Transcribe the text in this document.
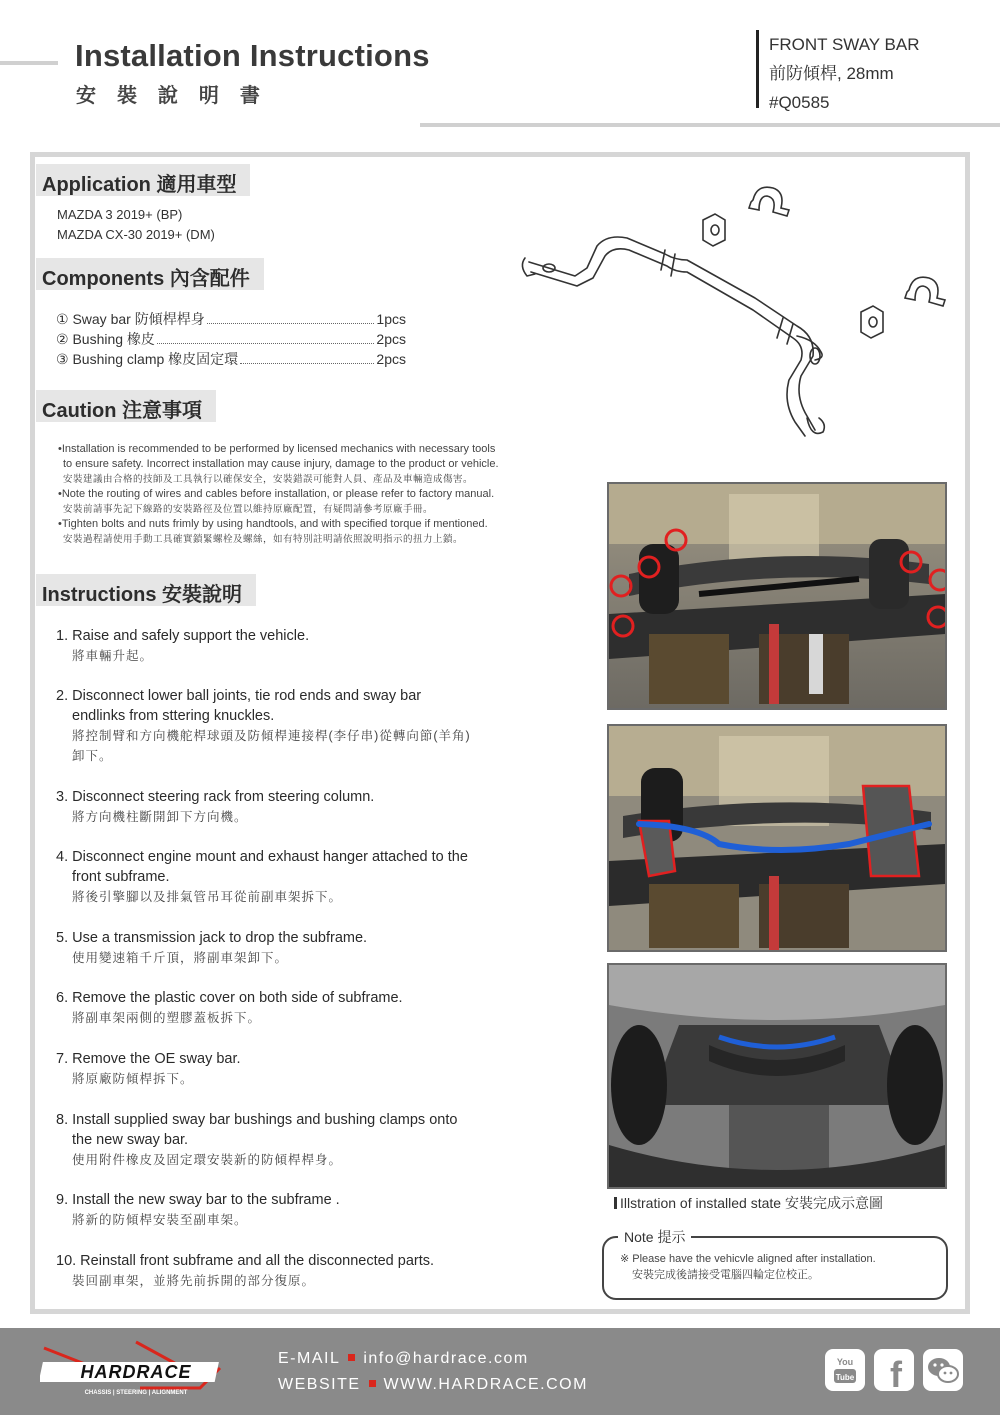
Installation Instructions
安 裝 說 明 書
FRONT SWAY BAR
前防傾桿, 28mm
#Q0585
Application 適用車型
MAZDA 3 2019+ (BP)
MAZDA CX-30 2019+ (DM)
Components 內含配件
① Sway bar 防傾桿桿身	1pcs
② Bushing 橡皮	2pcs
③ Bushing clamp 橡皮固定環	2pcs
Caution 注意事項

•Installation is recommended to be performed by licensed mechanics with necessary tools

to ensure safety. Incorrect installation may cause injury, damage to the product or vehicle.

安裝建議由合格的技師及工具執行以確保安全，安裝錯誤可能對人員、產品及車輛造成傷害。

•Note the routing of wires and cables before installation, or please refer to factory manual.

安裝前請事先記下線路的安裝路徑及位置以維持原廠配置，有疑問請參考原廠手冊。

•Tighten bolts and nuts frimly by using handtools, and with specified torque if mentioned.

安裝過程請使用手動工具確實鎖緊螺栓及螺絲，如有特別註明請依照說明指示的扭力上鎖。

Instructions 安裝說明
1. Raise and safely support the vehicle.
將車輛升起。
2. Disconnect lower ball joints, tie rod ends and sway bar
endlinks from sttering knuckles.
將控制臂和方向機舵桿球頭及防傾桿連接桿(李仔串)從轉向節(羊角)
卸下。
3. Disconnect steering rack from steering column.
將方向機柱斷開卸下方向機。
4. Disconnect engine mount and exhaust hanger attached to the
front subframe.
將後引擎腳以及排氣管吊耳從前副車架拆下。
5. Use a transmission jack to drop the subframe.
使用變速箱千斤頂，將副車架卸下。
6. Remove the plastic cover on both side of subframe.
將副車架兩側的塑膠蓋板拆下。
7. Remove the OE sway bar.
將原廠防傾桿拆下。
8. Install supplied sway bar bushings and bushing clamps onto
the new sway bar.
使用附件橡皮及固定環安裝新的防傾桿桿身。
9. Install the new sway bar to the subframe .
將新的防傾桿安裝至副車架。
10. Reinstall front subframe and all the disconnected parts.
裝回副車架，並將先前拆開的部分復原。
Illstration of installed state 安裝完成示意圖
Note 提示
※ Please have the vehicvle aligned after installation.
安裝完成後請接受電腦四輪定位校正。
HARDRACE
CHASSIS | STEERING | ALIGNMENT
E-MAIL info@hardrace.com
WEBSITE WWW.HARDRACE.COM
You
Tube f
